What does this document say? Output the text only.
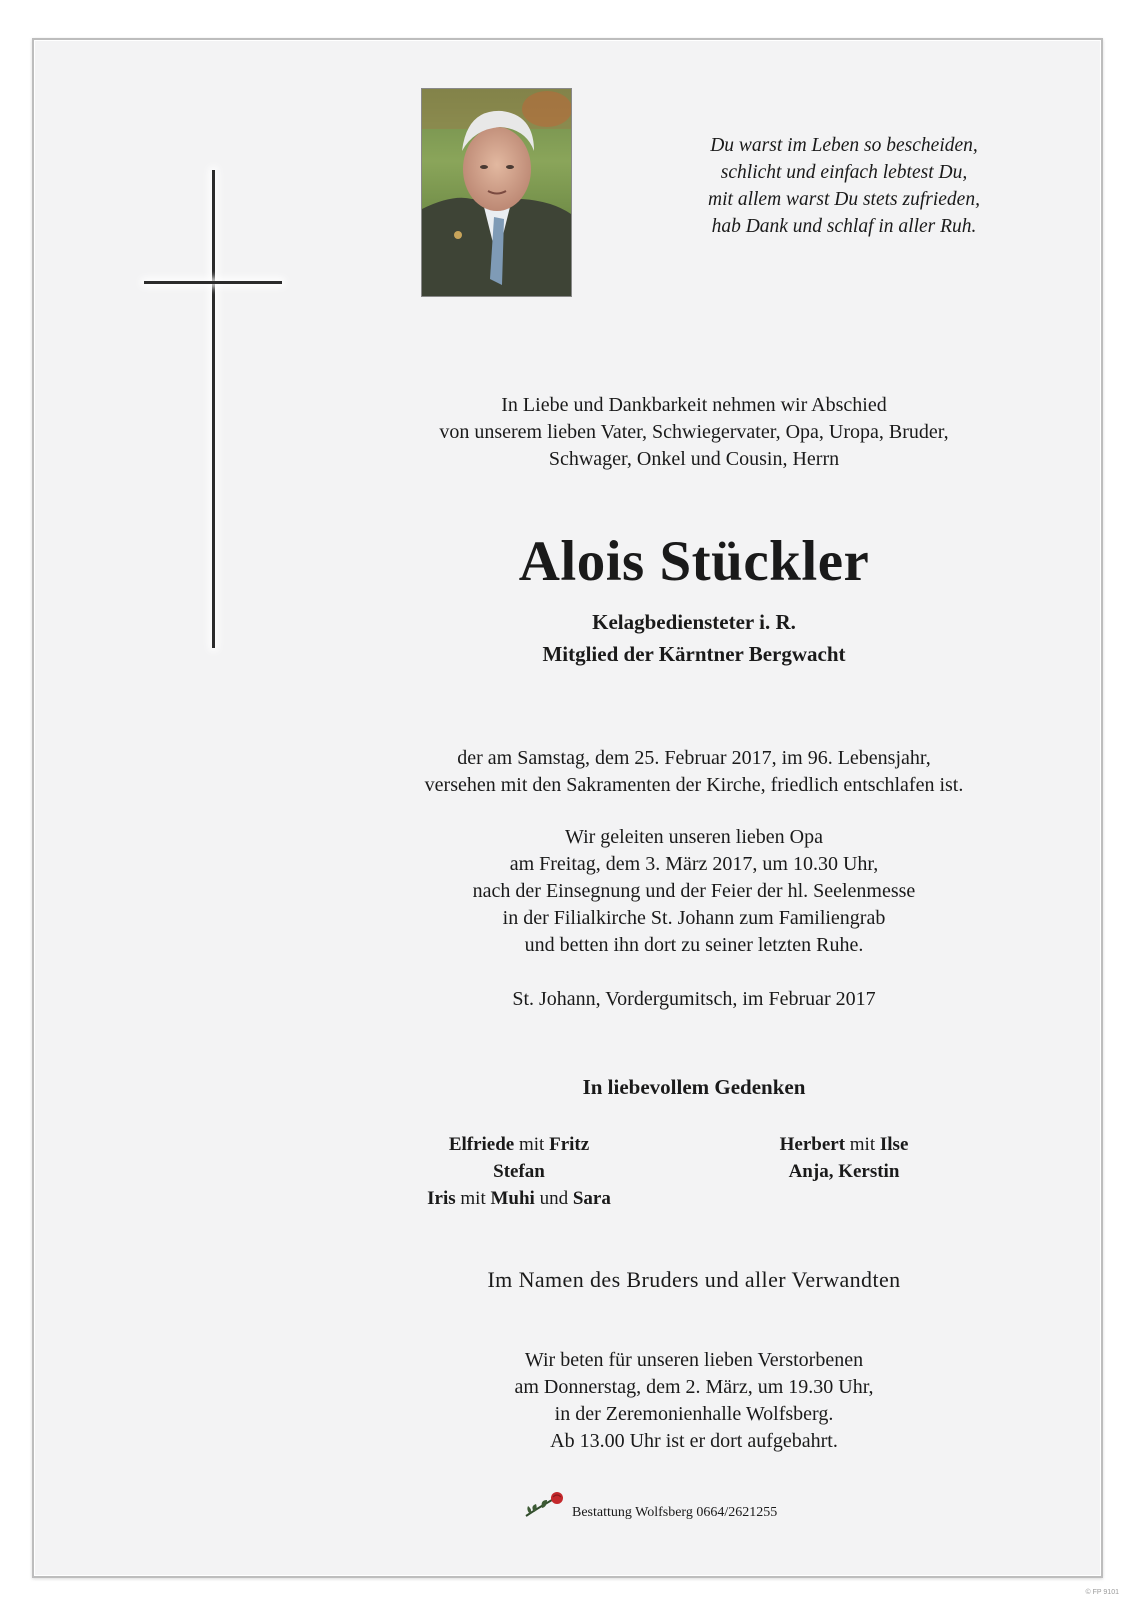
Du warst im Leben so bescheiden,
schlicht und einfach lebtest Du,
mit allem warst Du stets zufrieden,
hab Dank und schlaf in aller Ruh.
In Liebe und Dankbarkeit nehmen wir Abschied
von unserem lieben Vater, Schwiegervater, Opa, Uropa, Bruder,
Schwager, Onkel und Cousin, Herrn
Alois Stückler
Kelagbediensteter i. R.
Mitglied der Kärntner Bergwacht
der am Samstag, dem 25. Februar 2017, im 96. Lebensjahr,
versehen mit den Sakramenten der Kirche, friedlich entschlafen ist.
Wir geleiten unseren lieben Opa
am Freitag, dem 3. März 2017, um 10.30 Uhr,
nach der Einsegnung und der Feier der hl. Seelenmesse
in der Filialkirche St. Johann zum Familiengrab
und betten ihn dort zu seiner letzten Ruhe.
St. Johann, Vordergumitsch, im Februar 2017
In liebevollem Gedenken
Elfriede mit Fritz
Stefan
Iris mit Muhi und Sara
Herbert mit Ilse
Anja, Kerstin
Im Namen des Bruders und aller Verwandten
Wir beten für unseren lieben Verstorbenen
am Donnerstag, dem 2. März, um 19.30 Uhr,
in der Zeremonienhalle Wolfsberg.
Ab 13.00 Uhr ist er dort aufgebahrt.
Bestattung Wolfsberg 0664/2621255
© FP 9101
